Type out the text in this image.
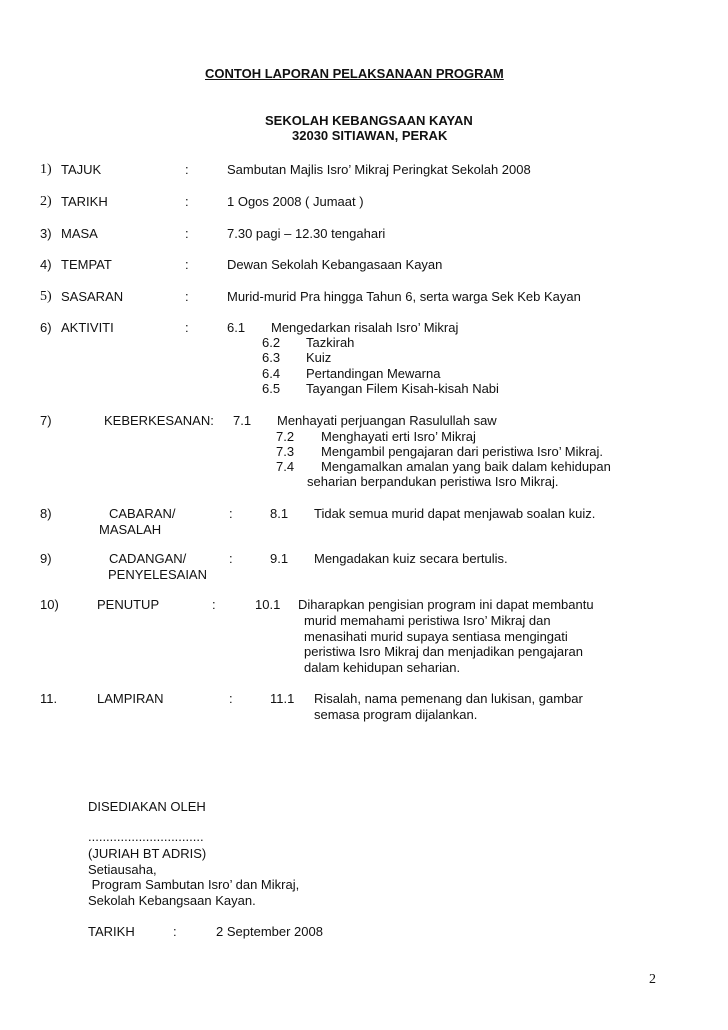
CONTOH LAPORAN PELAKSANAAN PROGRAM
SEKOLAH KEBANGSAAN KAYAN
32030 SITIAWAN, PERAK
1) TAJUK	:	Sambutan Majlis Isro’ Mikraj Peringkat Sekolah 2008
2) TARIKH	:	1 Ogos 2008 ( Jumaat )
3) MASA	:	7.30 pagi – 12.30 tengahari
4) TEMPAT	:	Dewan Sekolah Kebangasaan Kayan
5) SASARAN	:	Murid-murid Pra hingga Tahun 6, serta warga Sek Keb Kayan
6) AKTIVITI	:	6.1 Mengedarkan risalah Isro’ Mikraj
6.2 Tazkirah
6.3 Kuiz
6.4 Pertandingan Mewarna
6.5 Tayangan Filem Kisah-kisah Nabi
7)	KEBERKESANAN: 7.1 Menhayati perjuangan Rasulullah saw
7.2 Menghayati erti Isro’ Mikraj
7.3 Mengambil pengajaran dari peristiwa Isro’ Mikraj.
7.4 Mengamalkan amalan yang baik dalam kehidupan
seharian berpandukan peristiwa Isro Mikraj.
8)	CABARAN/
MASALAH
:	8.1 Tidak semua murid dapat menjawab soalan kuiz.
9)	CADANGAN/
PENYELESAIAN
:	9.1 Mengadakan kuiz secara bertulis.
10)	PENUTUP	:	10.1 Diharapkan pengisian program ini dapat membantu
murid memahami peristiwa Isro’ Mikraj dan
menasihati murid supaya sentiasa mengingati
peristiwa Isro Mikraj dan menjadikan pengajaran
dalam kehidupan seharian.
11.	LAMPIRAN	:	11.1 Risalah, nama pemenang dan lukisan, gambar
semasa program dijalankan.
DISEDIAKAN OLEH
................................
(JURIAH BT ADRIS)
Setiausaha,
Program Sambutan Isro’ dan Mikraj,
Sekolah Kebangsaan Kayan.
TARIKH	:	2 September 2008
2
